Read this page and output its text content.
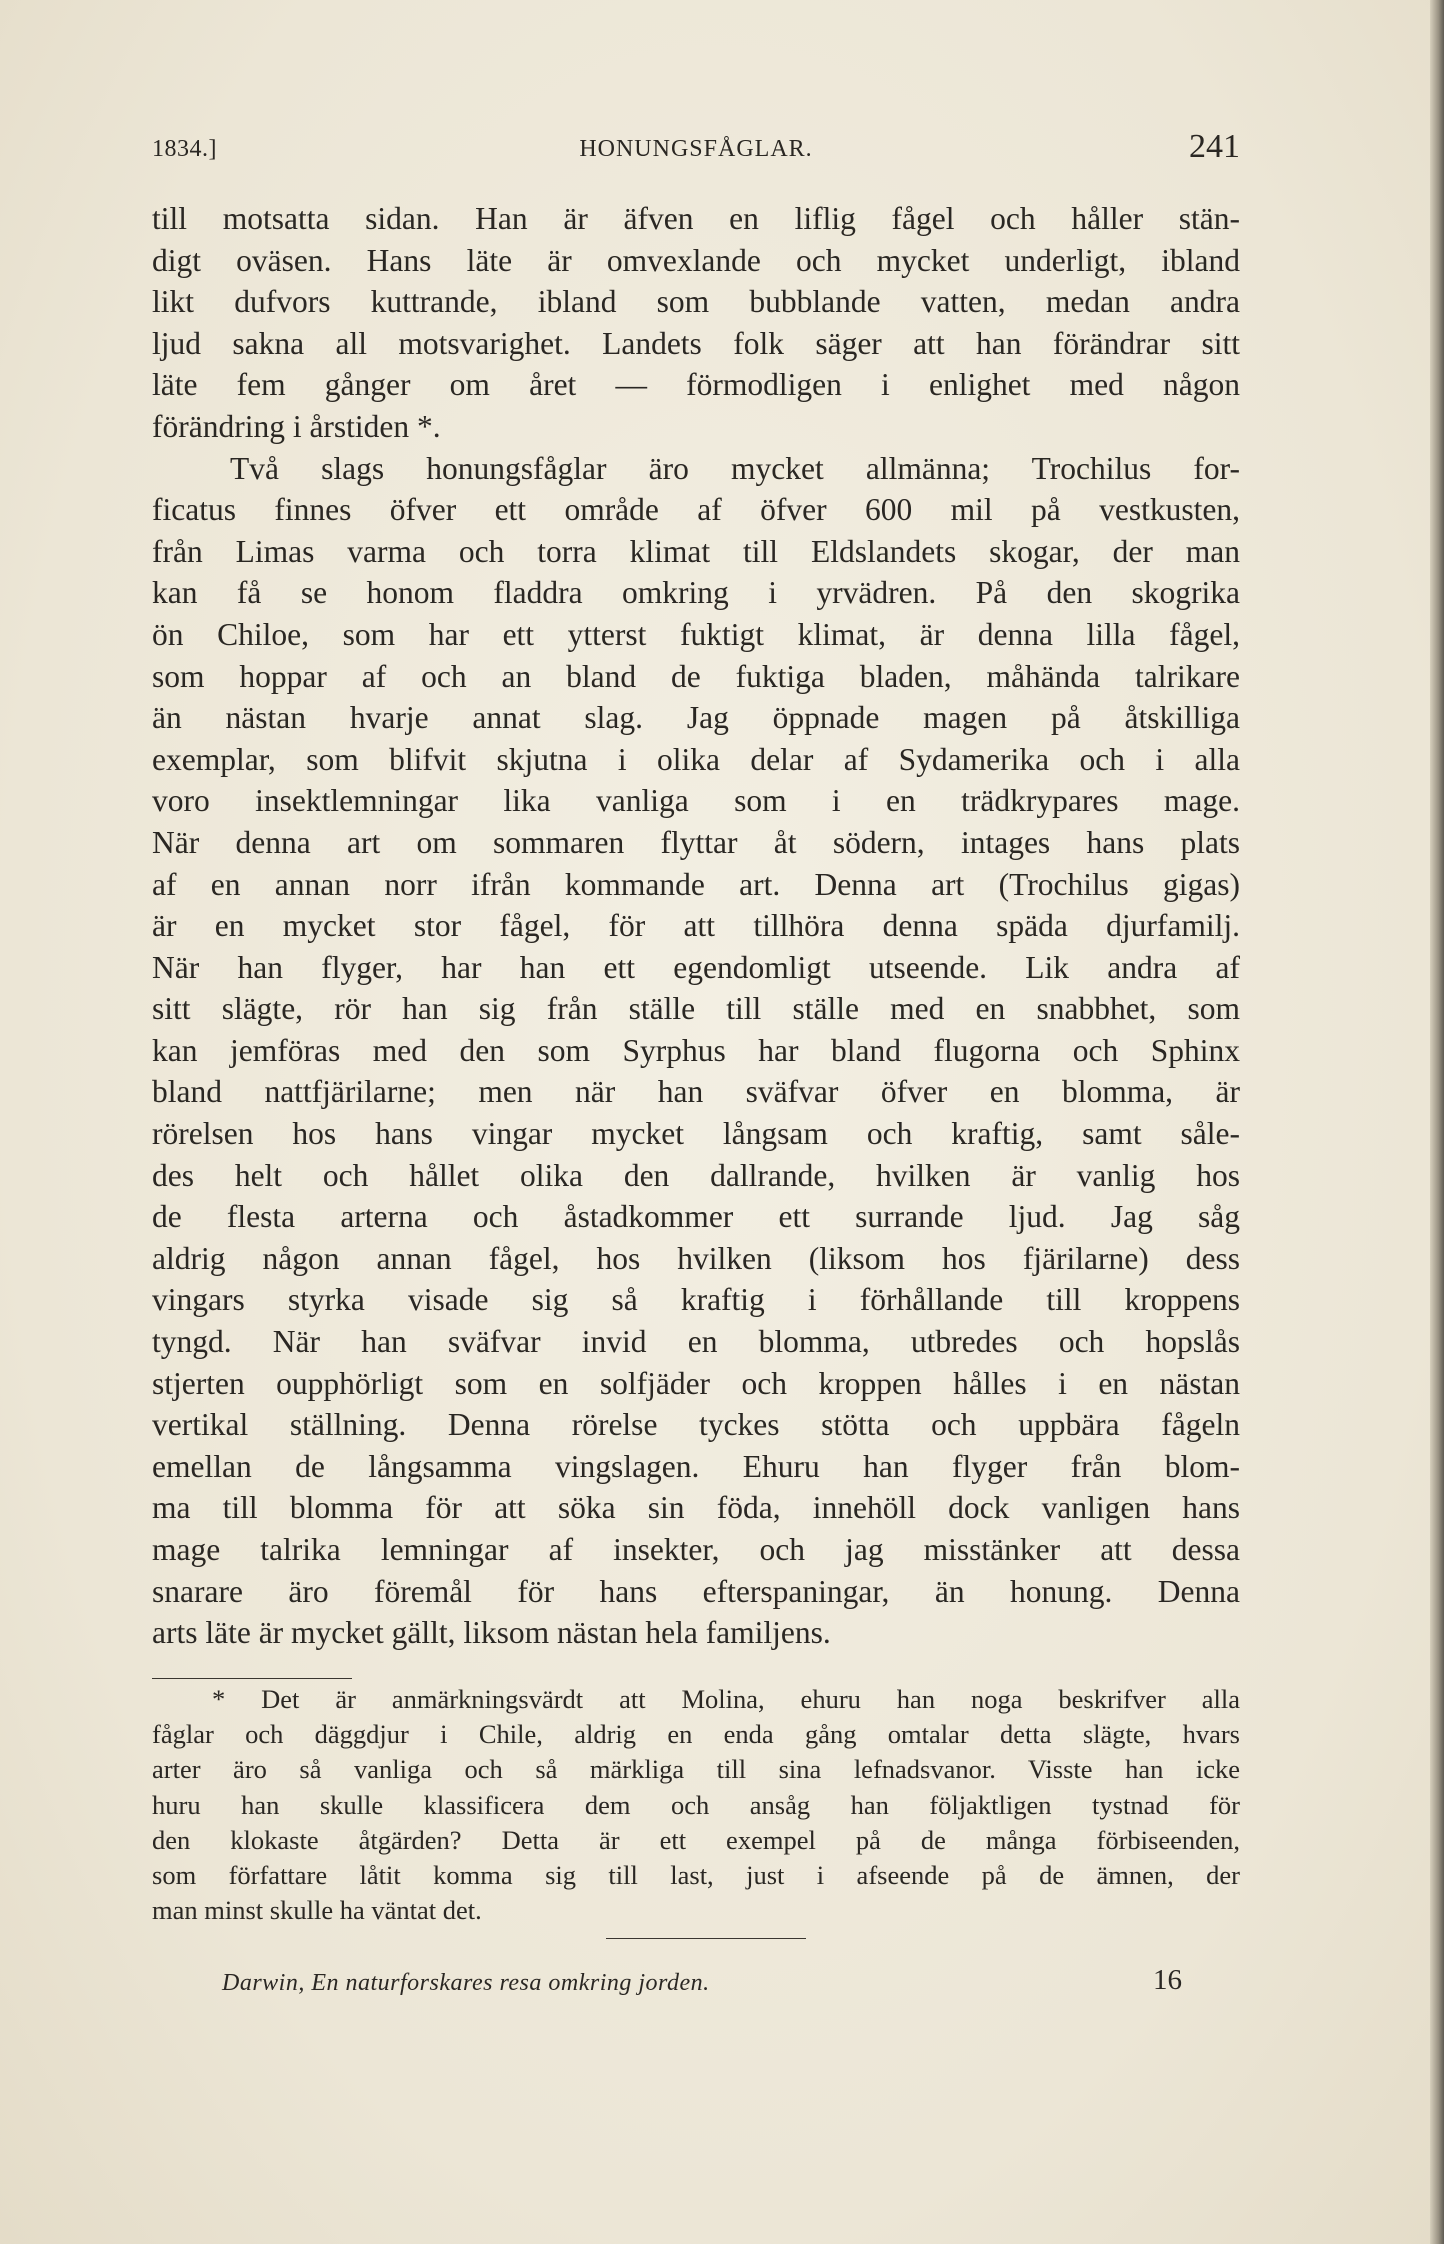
1834.]	HONUNGSFÅGLAR.	241
till motsatta sidan. Han är äfven en liflig fågel och håller stän-
digt oväsen. Hans läte är omvexlande och mycket underligt, ibland
likt dufvors kuttrande, ibland som bubblande vatten, medan andra
ljud sakna all motsvarighet. Landets folk säger att han förändrar sitt
läte fem gånger om året — förmodligen i enlighet med någon
förändring i årstiden *.
Två slags honungsfåglar äro mycket allmänna; Trochilus for-
ficatus finnes öfver ett område af öfver 600 mil på vestkusten,
från Limas varma och torra klimat till Eldslandets skogar, der man
kan få se honom fladdra omkring i yrvädren. På den skogrika
ön Chiloe, som har ett ytterst fuktigt klimat, är denna lilla fågel,
som hoppar af och an bland de fuktiga bladen, måhända talrikare
än nästan hvarje annat slag. Jag öppnade magen på åtskilliga
exemplar, som blifvit skjutna i olika delar af Sydamerika och i alla
voro insektlemningar lika vanliga som i en trädkrypares mage.
När denna art om sommaren flyttar åt södern, intages hans plats
af en annan norr ifrån kommande art. Denna art (Trochilus gigas)
är en mycket stor fågel, för att tillhöra denna späda djurfamilj.
När han flyger, har han ett egendomligt utseende. Lik andra af
sitt slägte, rör han sig från ställe till ställe med en snabbhet, som
kan jemföras med den som Syrphus har bland flugorna och Sphinx
bland nattfjärilarne; men när han sväfvar öfver en blomma, är
rörelsen hos hans vingar mycket långsam och kraftig, samt såle-
des helt och hållet olika den dallrande, hvilken är vanlig hos
de flesta arterna och åstadkommer ett surrande ljud. Jag såg
aldrig någon annan fågel, hos hvilken (liksom hos fjärilarne) dess
vingars styrka visade sig så kraftig i förhållande till kroppens
tyngd. När han sväfvar invid en blomma, utbredes och hopslås
stjerten oupphörligt som en solfjäder och kroppen hålles i en nästan
vertikal ställning. Denna rörelse tyckes stötta och uppbära fågeln
emellan de långsamma vingslagen. Ehuru han flyger från blom-
ma till blomma för att söka sin föda, innehöll dock vanligen hans
mage talrika lemningar af insekter, och jag misstänker att dessa
snarare äro föremål för hans efterspaningar, än honung. Denna
arts läte är mycket gällt, liksom nästan hela familjens.
* Det är anmärkningsvärdt att Molina, ehuru han noga beskrifver alla
fåglar och däggdjur i Chile, aldrig en enda gång omtalar detta slägte, hvars
arter äro så vanliga och så märkliga till sina lefnadsvanor. Visste han icke
huru han skulle klassificera dem och ansåg han följaktligen tystnad för
den klokaste åtgärden? Detta är ett exempel på de många förbiseenden,
som författare låtit komma sig till last, just i afseende på de ämnen, der
man minst skulle ha väntat det.
Darwin, En naturforskares resa omkring jorden.	16
